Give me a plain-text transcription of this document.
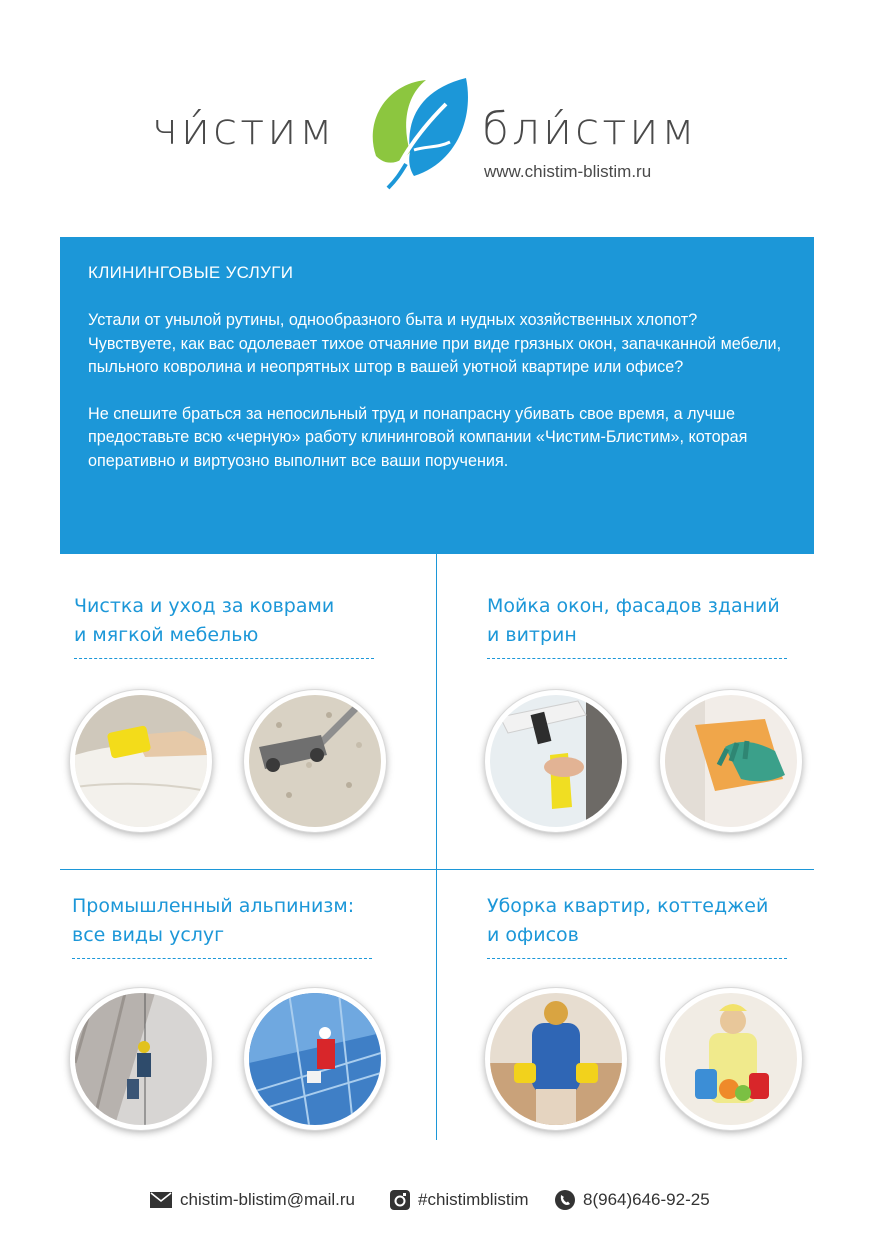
чи́стим	бли́стим
www.chistim-blistim.ru
КЛИНИНГОВЫЕ УСЛУГИ

Устали от унылой рутины, однообразного быта и нудных хозяйственных хлопот? Чувствуете, как вас одолевает тихое отчаяние при виде грязных окон, запачканной мебели, пыльного ковролина и неопрятных штор в вашей уютной квартире или офисе?

Не спешите браться за непосильный труд и понапрасну убивать свое время, а лучше предоставьте всю «черную» работу клининговой компании «Чистим-Блистим», которая оперативно и виртуозно выполнит все ваши поручения.

Чистка и уход за коврами
и мягкой мебелью
Мойка окон, фасадов зданий
и витрин
Промышленный альпинизм:
все виды услуг
Уборка квартир, коттеджей
и офисов
chistim-blistim@mail.ru	#chistimblistim	8(964)646-92-25
